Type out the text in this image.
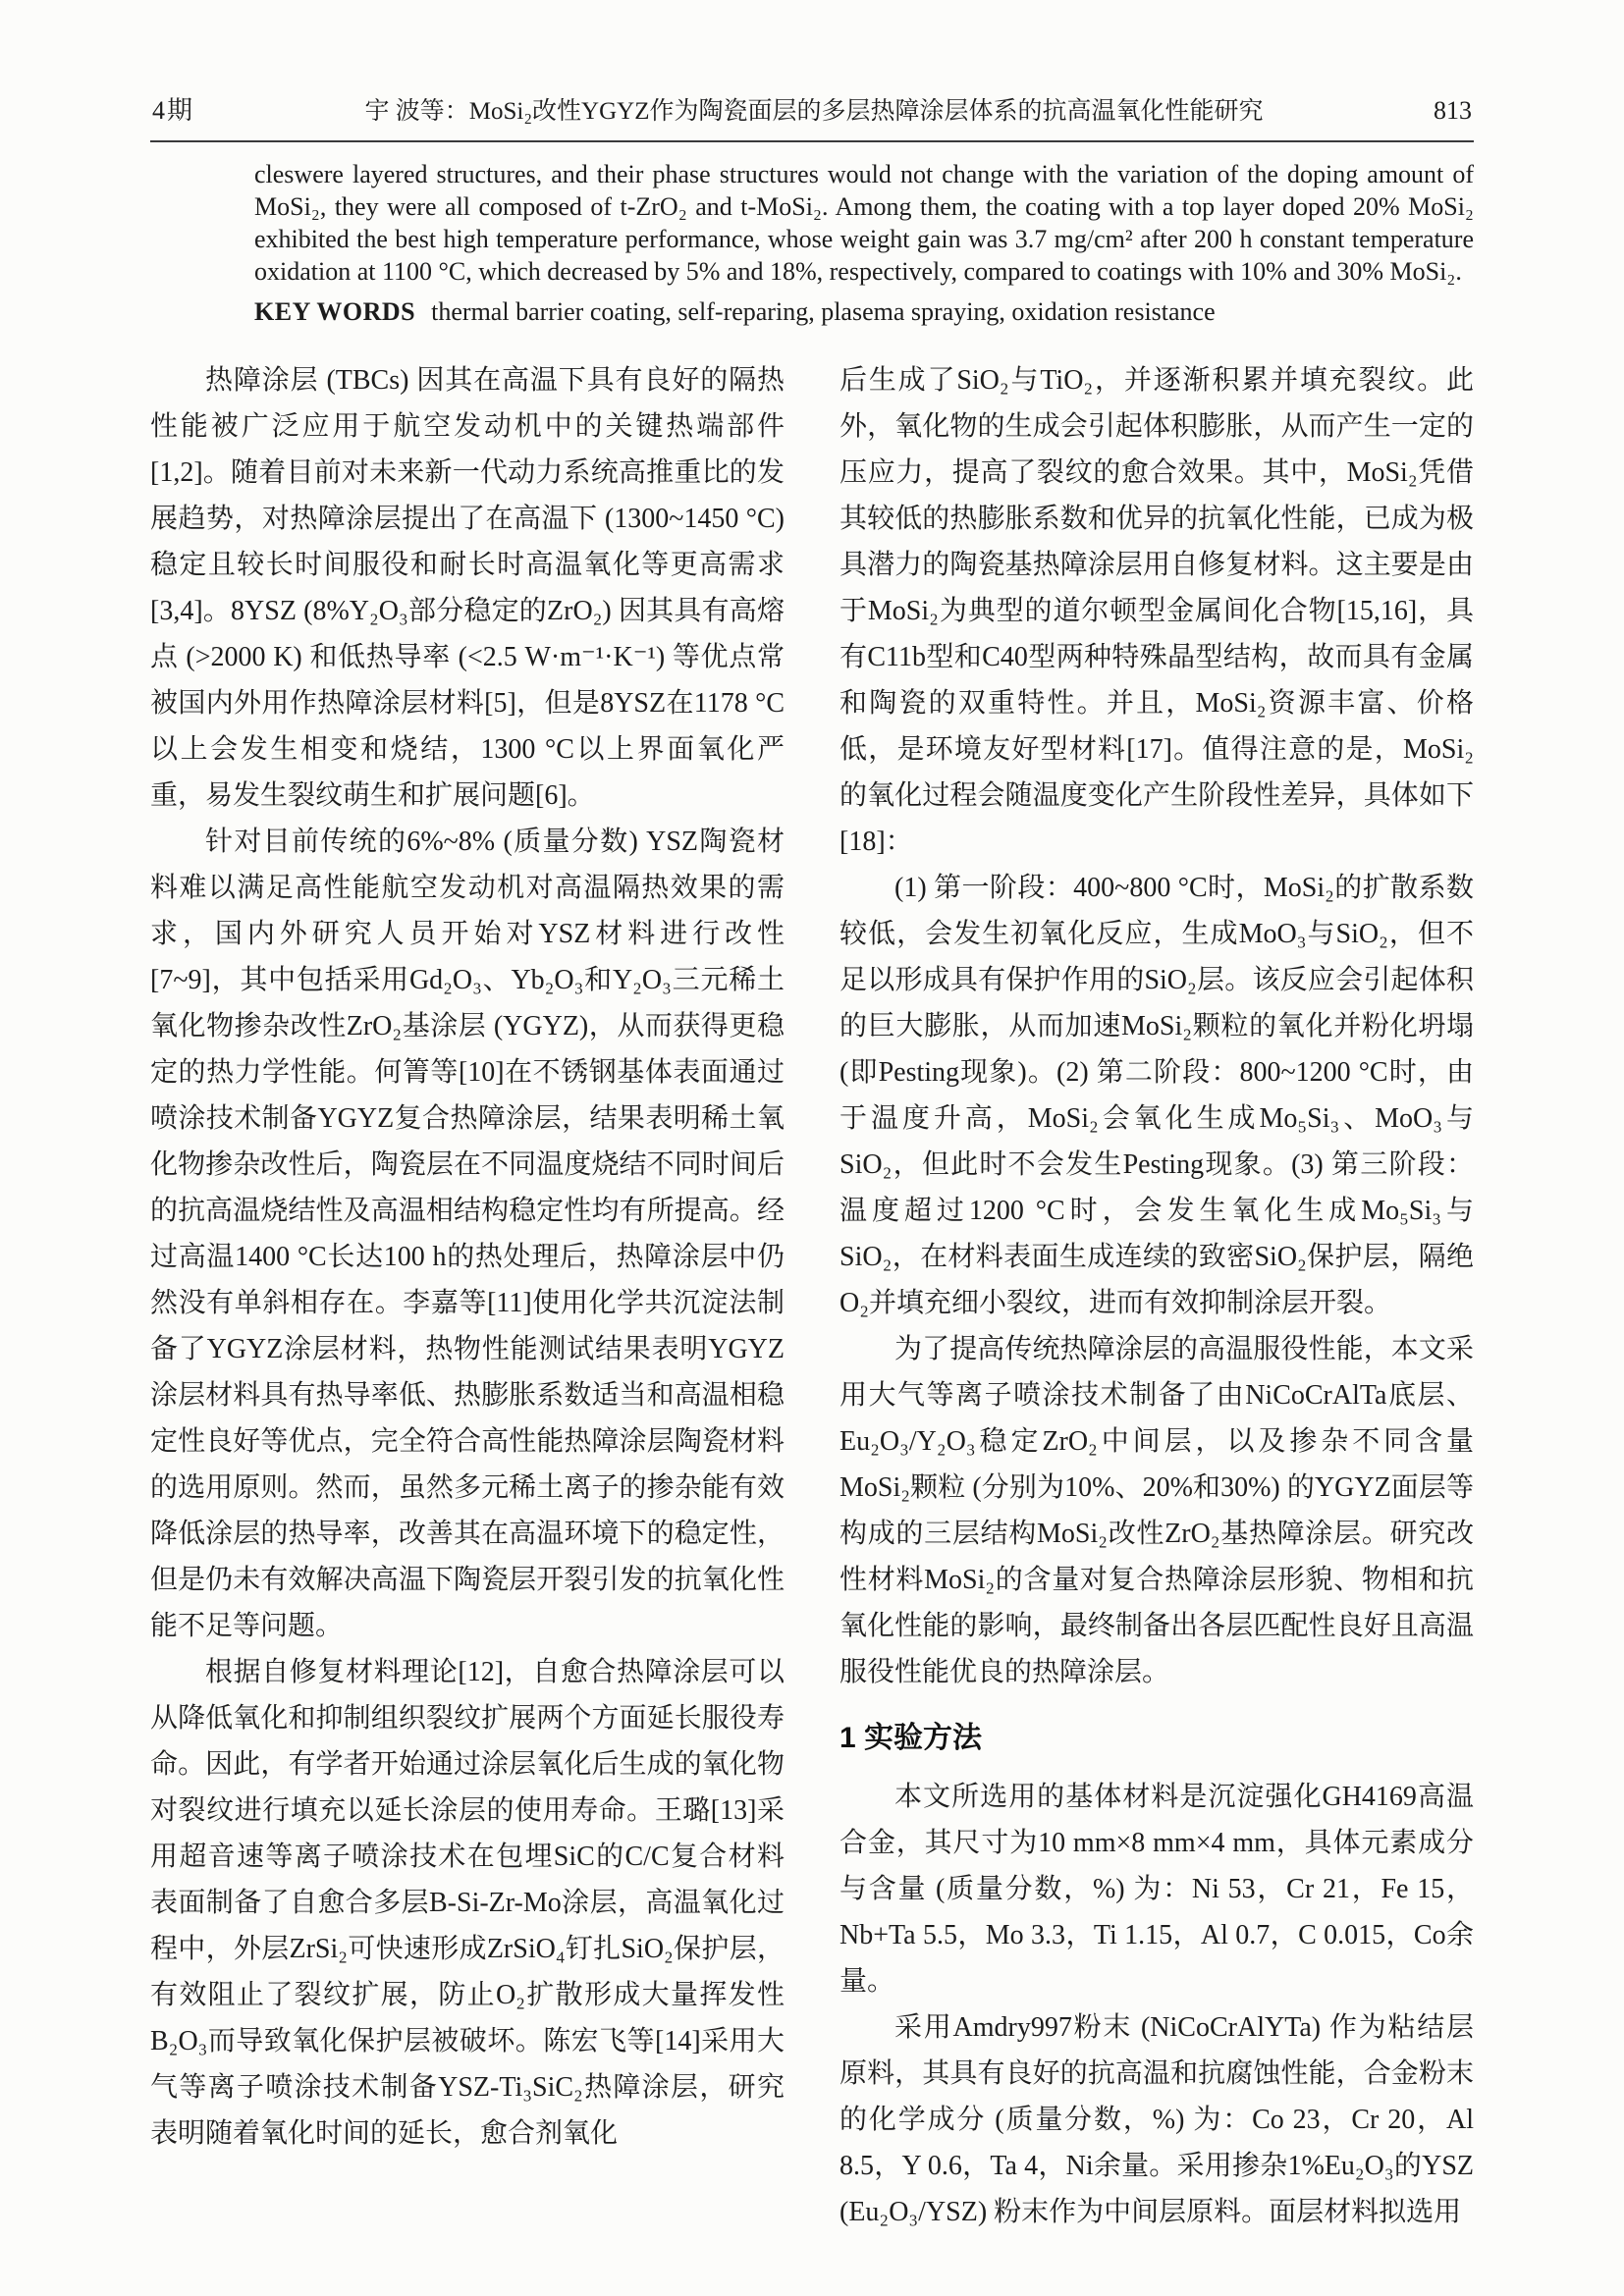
4期	宇 波等：MoSi₂改性YGYZ作为陶瓷面层的多层热障涂层体系的抗高温氧化性能研究	813

cleswere layered structures, and their phase structures would not change with the variation of the doping amount of MoSi₂, they were all composed of t-ZrO₂ and t-MoSi₂. Among them, the coating with a top layer doped 20% MoSi₂ exhibited the best high temperature performance, whose weight gain was 3.7 mg/cm² after 200 h constant temperature oxidation at 1100 °C, which decreased by 5% and 18%, respectively, compared to coatings with 10% and 30% MoSi₂.

KEY WORDS thermal barrier coating, self-reparing, plasema spraying, oxidation resistance

热障涂层 (TBCs) 因其在高温下具有良好的隔热性能被广泛应用于航空发动机中的关键热端部件[1,2]。随着目前对未来新一代动力系统高推重比的发展趋势，对热障涂层提出了在高温下 (1300~1450 °C) 稳定且较长时间服役和耐长时高温氧化等更高需求[3,4]。8YSZ (8%Y₂O₃部分稳定的ZrO₂) 因其具有高熔点 (>2000 K) 和低热导率 (<2.5 W·m⁻¹·K⁻¹) 等优点常被国内外用作热障涂层材料[5]，但是8YSZ在1178 °C以上会发生相变和烧结，1300 °C以上界面氧化严重，易发生裂纹萌生和扩展问题[6]。

针对目前传统的6%~8% (质量分数) YSZ陶瓷材料难以满足高性能航空发动机对高温隔热效果的需求，国内外研究人员开始对YSZ材料进行改性[7~9]，其中包括采用Gd₂O₃、Yb₂O₃和Y₂O₃三元稀土氧化物掺杂改性ZrO₂基涂层 (YGYZ)，从而获得更稳定的热力学性能。何箐等[10]在不锈钢基体表面通过喷涂技术制备YGYZ复合热障涂层，结果表明稀土氧化物掺杂改性后，陶瓷层在不同温度烧结不同时间后的抗高温烧结性及高温相结构稳定性均有所提高。经过高温1400 °C长达100 h的热处理后，热障涂层中仍然没有单斜相存在。李嘉等[11]使用化学共沉淀法制备了YGYZ涂层材料，热物性能测试结果表明YGYZ涂层材料具有热导率低、热膨胀系数适当和高温相稳定性良好等优点，完全符合高性能热障涂层陶瓷材料的选用原则。然而，虽然多元稀土离子的掺杂能有效降低涂层的热导率，改善其在高温环境下的稳定性，但是仍未有效解决高温下陶瓷层开裂引发的抗氧化性能不足等问题。

根据自修复材料理论[12]，自愈合热障涂层可以从降低氧化和抑制组织裂纹扩展两个方面延长服役寿命。因此，有学者开始通过涂层氧化后生成的氧化物对裂纹进行填充以延长涂层的使用寿命。王璐[13]采用超音速等离子喷涂技术在包埋SiC的C/C复合材料表面制备了自愈合多层B-Si-Zr-Mo涂层，高温氧化过程中，外层ZrSi₂可快速形成ZrSiO₄钉扎SiO₂保护层，有效阻止了裂纹扩展，防止O₂扩散形成大量挥发性B₂O₃而导致氧化保护层被破坏。陈宏飞等[14]采用大气等离子喷涂技术制备YSZ-Ti₃SiC₂热障涂层，研究表明随着氧化时间的延长，愈合剂氧化

后生成了SiO₂与TiO₂，并逐渐积累并填充裂纹。此外，氧化物的生成会引起体积膨胀，从而产生一定的压应力，提高了裂纹的愈合效果。其中，MoSi₂凭借其较低的热膨胀系数和优异的抗氧化性能，已成为极具潜力的陶瓷基热障涂层用自修复材料。这主要是由于MoSi₂为典型的道尔顿型金属间化合物[15,16]，具有C11b型和C40型两种特殊晶型结构，故而具有金属和陶瓷的双重特性。并且，MoSi₂资源丰富、价格低，是环境友好型材料[17]。值得注意的是，MoSi₂的氧化过程会随温度变化产生阶段性差异，具体如下[18]：

(1) 第一阶段：400~800 °C时，MoSi₂的扩散系数较低，会发生初氧化反应，生成MoO₃与SiO₂，但不足以形成具有保护作用的SiO₂层。该反应会引起体积的巨大膨胀，从而加速MoSi₂颗粒的氧化并粉化坍塌 (即Pesting现象)。(2) 第二阶段：800~1200 °C时，由于温度升高，MoSi₂会氧化生成Mo₅Si₃、MoO₃与SiO₂，但此时不会发生Pesting现象。(3) 第三阶段：温度超过1200 °C时，会发生氧化生成Mo₅Si₃与SiO₂，在材料表面生成连续的致密SiO₂保护层，隔绝O₂并填充细小裂纹，进而有效抑制涂层开裂。

为了提高传统热障涂层的高温服役性能，本文采用大气等离子喷涂技术制备了由NiCoCrAlTa底层、Eu₂O₃/Y₂O₃稳定ZrO₂中间层，以及掺杂不同含量MoSi₂颗粒 (分别为10%、20%和30%) 的YGYZ面层等构成的三层结构MoSi₂改性ZrO₂基热障涂层。研究改性材料MoSi₂的含量对复合热障涂层形貌、物相和抗氧化性能的影响，最终制备出各层匹配性良好且高温服役性能优良的热障涂层。

1 实验方法

本文所选用的基体材料是沉淀强化GH4169高温合金，其尺寸为10 mm×8 mm×4 mm，具体元素成分与含量 (质量分数，%) 为：Ni 53，Cr 21，Fe 15，Nb+Ta 5.5，Mo 3.3，Ti 1.15，Al 0.7，C 0.015，Co余量。

采用Amdry997粉末 (NiCoCrAlYTa) 作为粘结层原料，其具有良好的抗高温和抗腐蚀性能，合金粉末的化学成分 (质量分数，%) 为：Co 23，Cr 20，Al 8.5，Y 0.6，Ta 4，Ni余量。采用掺杂1%Eu₂O₃的YSZ (Eu₂O₃/YSZ) 粉末作为中间层原料。面层材料拟选用
